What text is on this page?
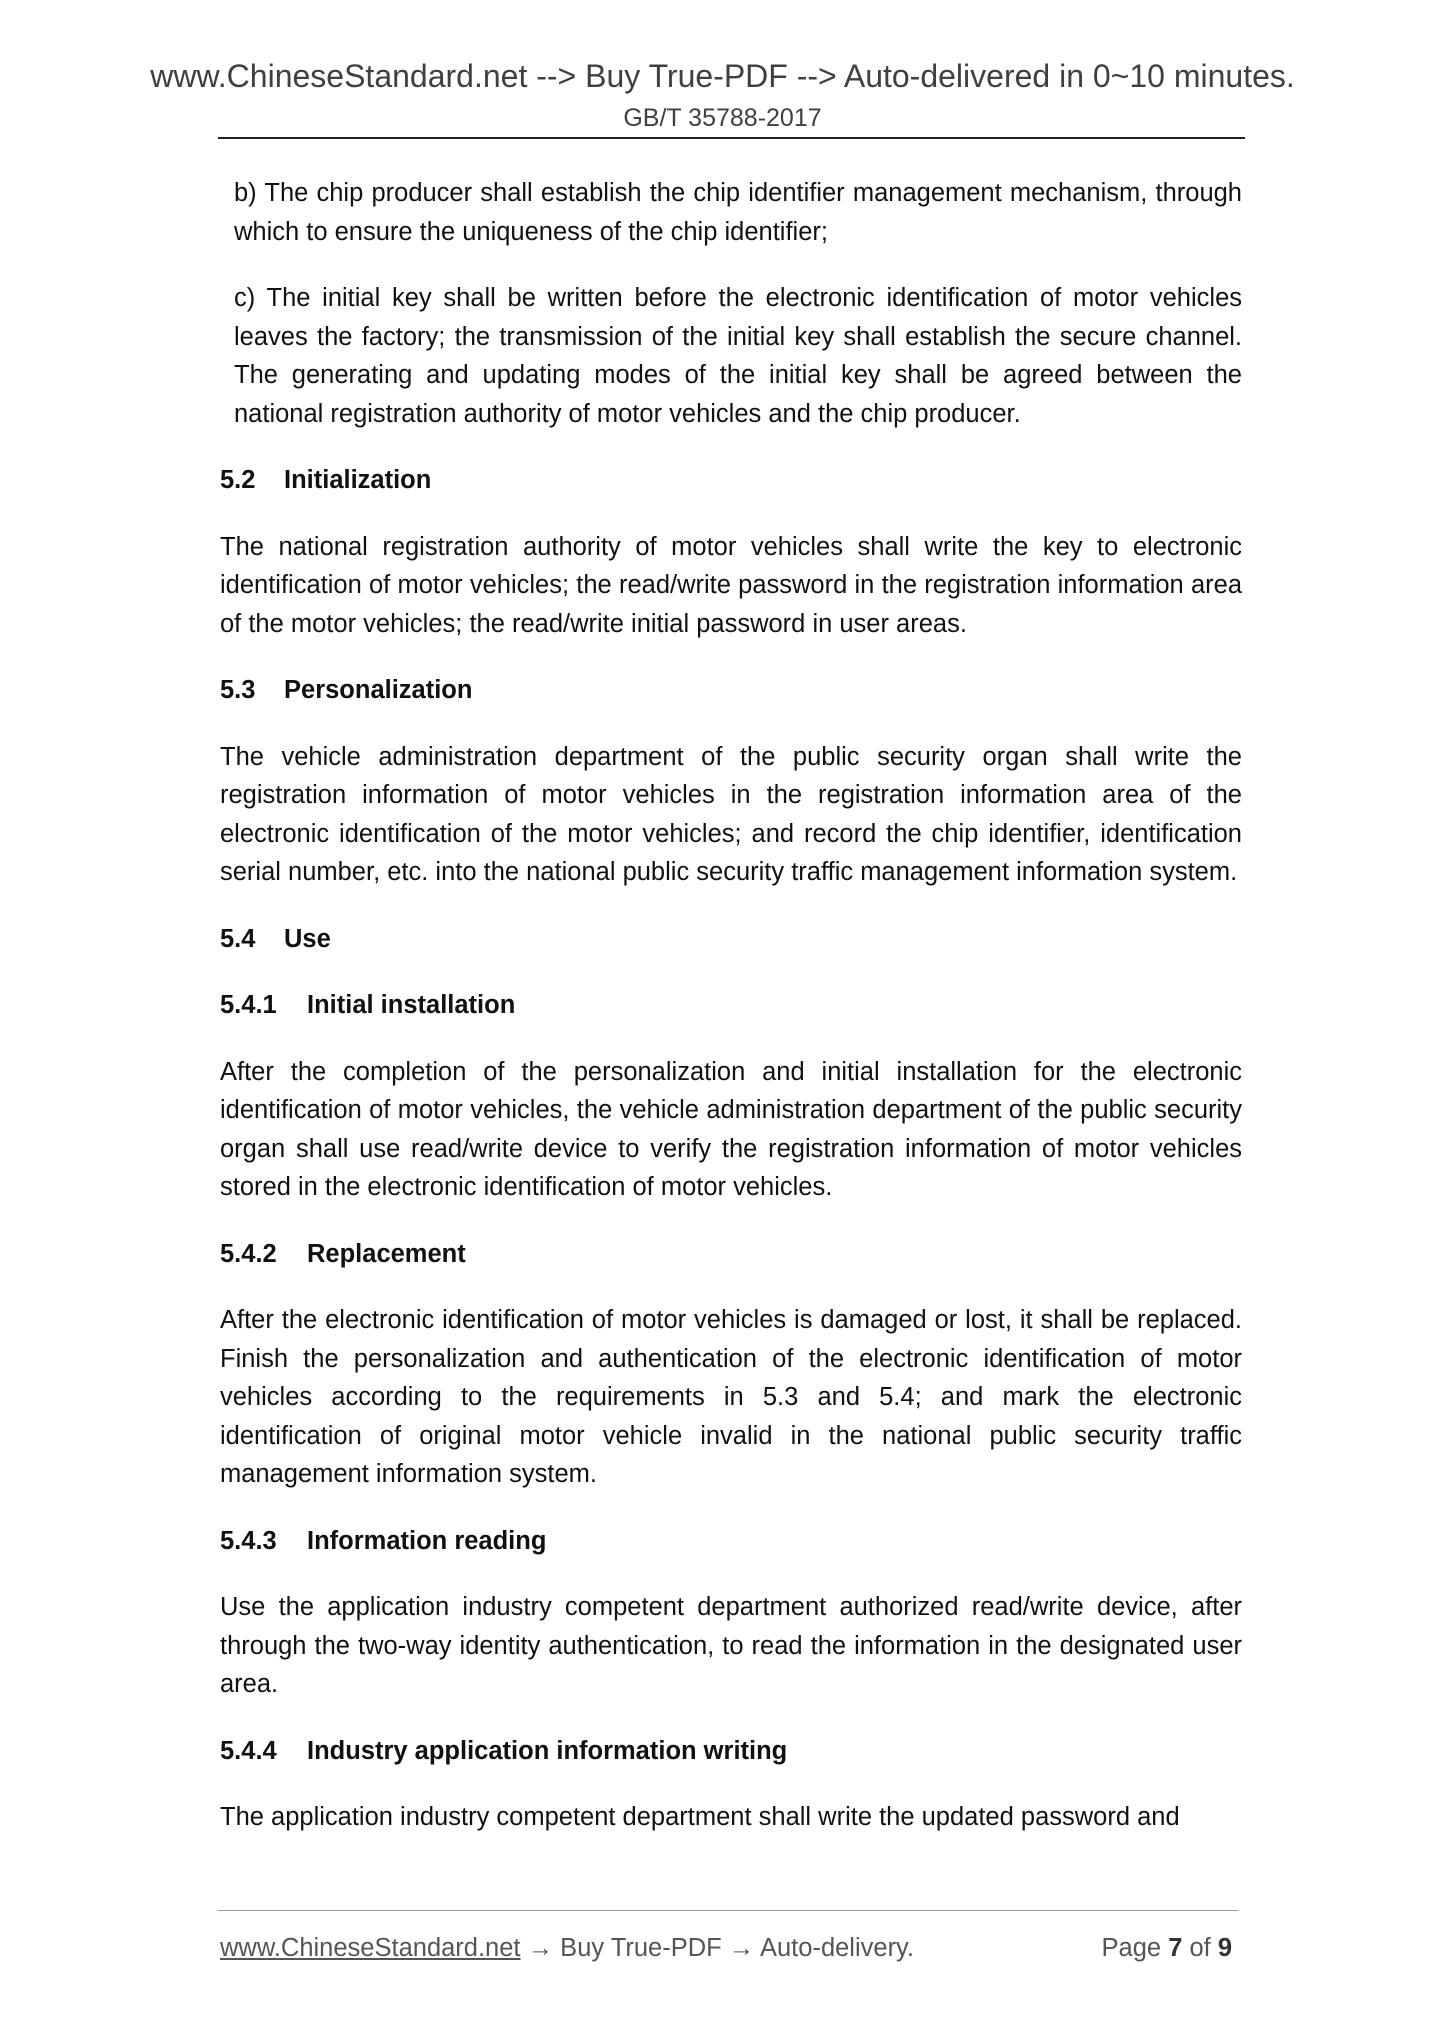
www.ChineseStandard.net --> Buy True-PDF --> Auto-delivered in 0~10 minutes.
GB/T 35788-2017

b) The chip producer shall establish the chip identifier management mechanism, through which to ensure the uniqueness of the chip identifier;

c) The initial key shall be written before the electronic identification of motor vehicles leaves the factory; the transmission of the initial key shall establish the secure channel. The generating and updating modes of the initial key shall be agreed between the national registration authority of motor vehicles and the chip producer.

5.2 Initialization

The national registration authority of motor vehicles shall write the key to electronic identification of motor vehicles; the read/write password in the registration information area of the motor vehicles; the read/write initial password in user areas.

5.3 Personalization

The vehicle administration department of the public security organ shall write the registration information of motor vehicles in the registration information area of the electronic identification of the motor vehicles; and record the chip identifier, identification serial number, etc. into the national public security traffic management information system.

5.4 Use
5.4.1 Initial installation

After the completion of the personalization and initial installation for the electronic identification of motor vehicles, the vehicle administration department of the public security organ shall use read/write device to verify the registration information of motor vehicles stored in the electronic identification of motor vehicles.

5.4.2 Replacement

After the electronic identification of motor vehicles is damaged or lost, it shall be replaced. Finish the personalization and authentication of the electronic identification of motor vehicles according to the requirements in 5.3 and 5.4; and mark the electronic identification of original motor vehicle invalid in the national public security traffic management information system.

5.4.3 Information reading

Use the application industry competent department authorized read/write device, after through the two-way identity authentication, to read the information in the designated user area.

5.4.4 Industry application information writing

The application industry competent department shall write the updated password and

www.ChineseStandard.net → Buy True-PDF → Auto-delivery.	Page 7 of 9
